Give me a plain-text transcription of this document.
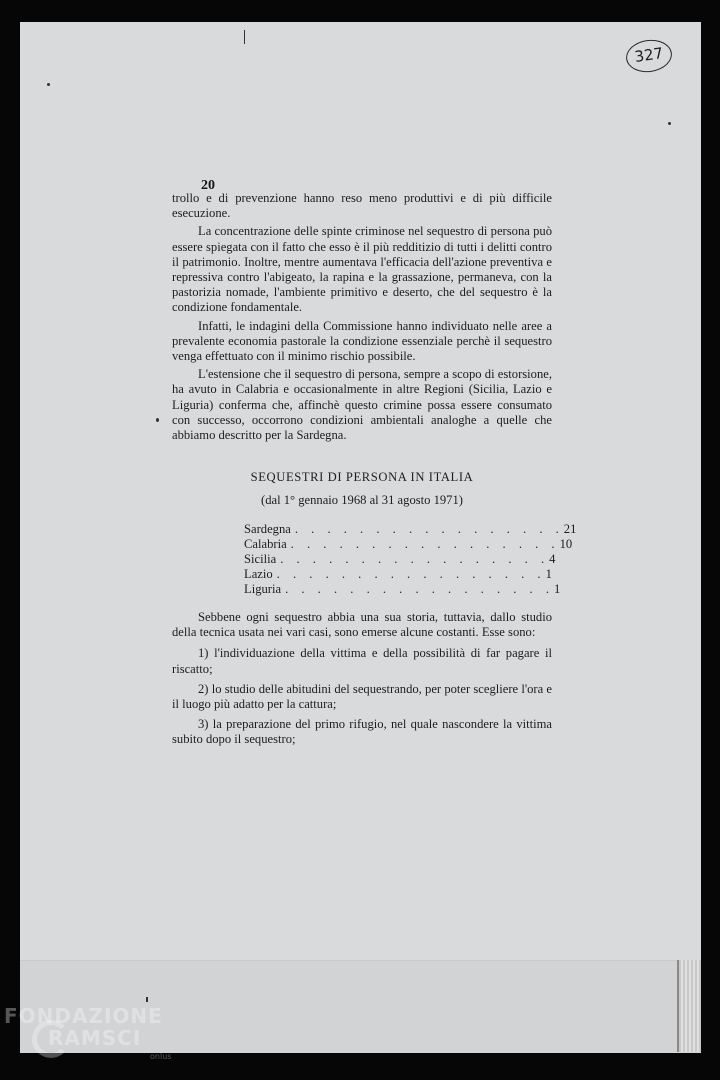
327
20

trollo e di prevenzione hanno reso meno produttivi e di più difficile esecuzione.

La concentrazione delle spinte criminose nel sequestro di persona può essere spiegata con il fatto che esso è il più redditizio di tutti i delitti contro il patrimonio. Inoltre, mentre aumentava l'efficacia dell'azione preventiva e repressiva contro l'abigeato, la rapina e la grassazione, permaneva, con la pastorizia nomade, l'ambiente primitivo e deserto, che del sequestro è la condizione fondamentale.

Infatti, le indagini della Commissione hanno individuato nelle aree a prevalente economia pastorale la condizione essenziale perchè il sequestro venga effettuato con il minimo rischio possibile.

L'estensione che il sequestro di persona, sempre a scopo di estorsione, ha avuto in Calabria e occasionalmente in altre Regioni (Sicilia, Lazio e Liguria) conferma che, affinchè questo crimine possa essere consumato con successo, occorrono condizioni ambientali analoghe a quelle che abbiamo descritto per la Sardegna.

SEQUESTRI DI PERSONA IN ITALIA

(dal 1° gennaio 1968 al 31 agosto 1971)

Sardegna . . . . . . . . . . . . . . . . . 21
Calabria . . . . . . . . . . . . . . . . . 10
Sicilia . . . . . . . . . . . . . . . . . 4
Lazio . . . . . . . . . . . . . . . . . 1
Liguria . . . . . . . . . . . . . . . . . 1

Sebbene ogni sequestro abbia una sua storia, tuttavia, dallo studio della tecnica usata nei vari casi, sono emerse alcune costanti. Esse sono:

1) l'individuazione della vittima e della possibilità di far pagare il riscatto;

2) lo studio delle abitudini del sequestrando, per poter scegliere l'ora e il luogo più adatto per la cattura;

3) la preparazione del primo rifugio, nel quale nascondere la vittima subito dopo il sequestro;

FONDAZIONE
RAMSCI
onlus
